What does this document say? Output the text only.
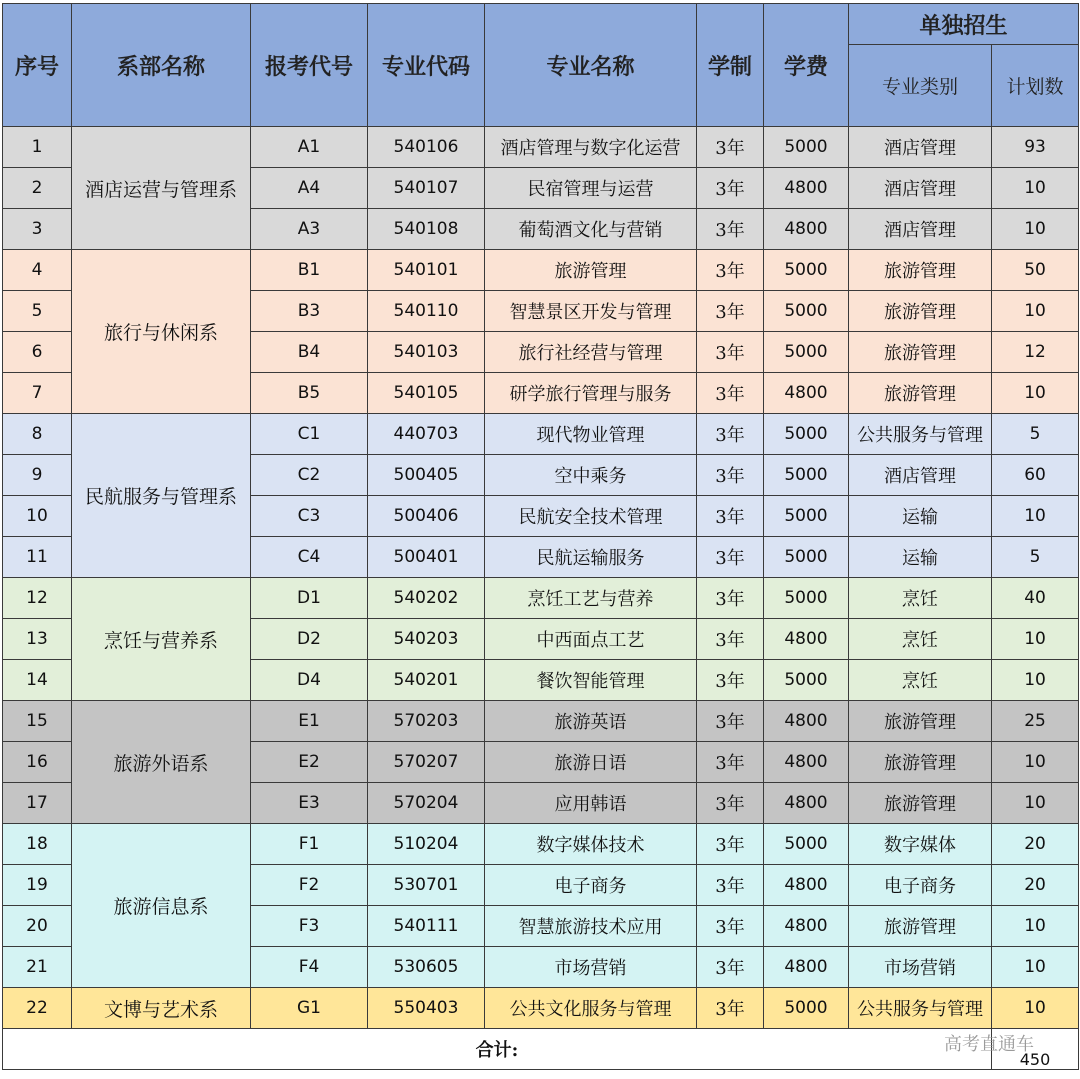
序号	系部名称	报考代号	专业代码	专业名称	学制	学费	单独招生	
							专业类别	计划数
1	酒店运营与管理系	A1	540106	酒店管理与数字化运营	3年	5000	酒店管理	93
2		A4	540107	民宿管理与运营	3年	4800	酒店管理	10
3		A3	540108	葡萄酒文化与营销	3年	4800	酒店管理	10
4	旅行与休闲系	B1	540101	旅游管理	3年	5000	旅游管理	50
5		B3	540110	智慧景区开发与管理	3年	5000	旅游管理	10
6		B4	540103	旅行社经营与管理	3年	5000	旅游管理	12
7		B5	540105	研学旅行管理与服务	3年	4800	旅游管理	10
8	民航服务与管理系	C1	440703	现代物业管理	3年	5000	公共服务与管理	5
9		C2	500405	空中乘务	3年	5000	酒店管理	60
10		C3	500406	民航安全技术管理	3年	5000	运输	10
11		C4	500401	民航运输服务	3年	5000	运输	5
12	烹饪与营养系	D1	540202	烹饪工艺与营养	3年	5000	烹饪	40
13		D2	540203	中西面点工艺	3年	4800	烹饪	10
14		D4	540201	餐饮智能管理	3年	5000	烹饪	10
15	旅游外语系	E1	570203	旅游英语	3年	4800	旅游管理	25
16		E2	570207	旅游日语	3年	4800	旅游管理	10
17		E3	570204	应用韩语	3年	4800	旅游管理	10
18	旅游信息系	F1	510204	数字媒体技术	3年	5000	数字媒体	20
19		F2	530701	电子商务	3年	4800	电子商务	20
20		F3	540111	智慧旅游技术应用	3年	4800	旅游管理	10
21		F4	530605	市场营销	3年	4800	市场营销	10
22	文博与艺术系	G1	550403	公共文化服务与管理	3年	5000	公共服务与管理	10
合计:								450
高考直通车
